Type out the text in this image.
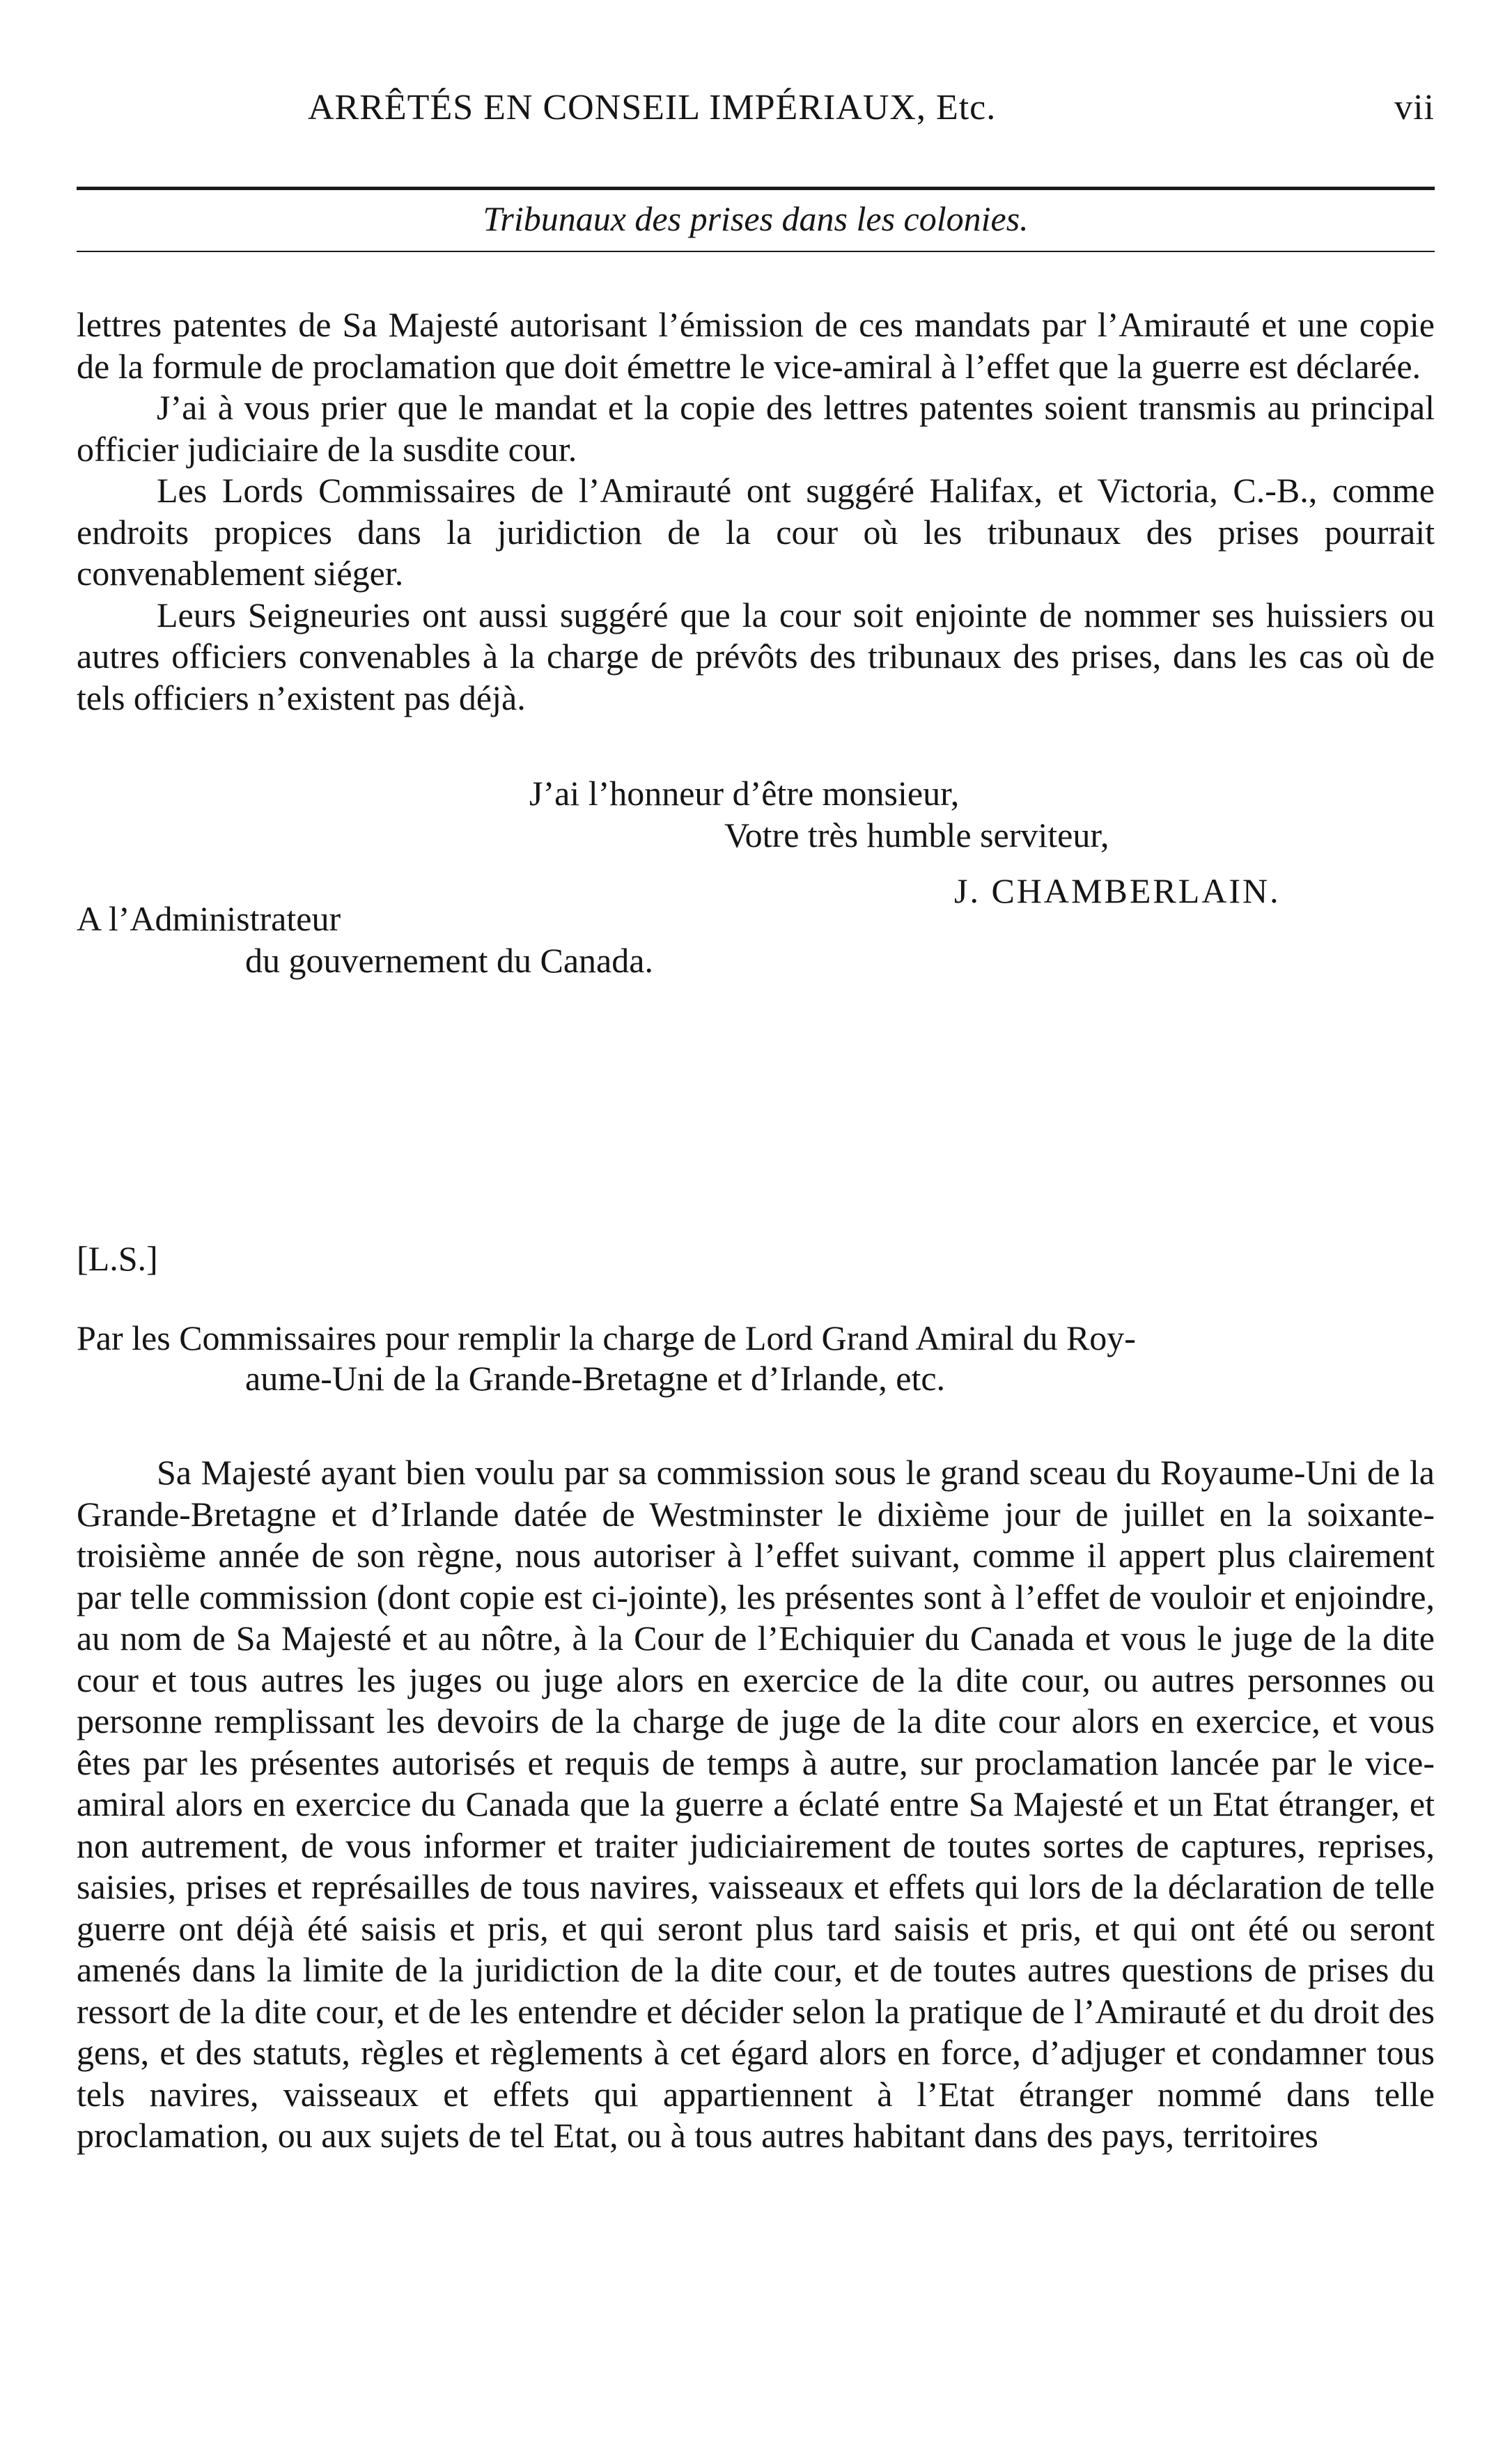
ARRÊTÉS EN CONSEIL IMPÉRIAUX, Etc.	vii
Tribunaux des prises dans les colonies.

lettres patentes de Sa Majesté autorisant l’émission de ces mandats par l’Amirauté et une copie de la formule de proclamation que doit émettre le vice-amiral à l’effet que la guerre est déclarée.

J’ai à vous prier que le mandat et la copie des lettres patentes soient transmis au principal officier judiciaire de la susdite cour.

Les Lords Commissaires de l’Amirauté ont suggéré Halifax, et Victoria, C.-B., comme endroits propices dans la juridiction de la cour où les tribunaux des prises pourrait convenablement siéger.

Leurs Seigneuries ont aussi suggéré que la cour soit enjointe de nommer ses huissiers ou autres officiers convenables à la charge de prévôts des tribunaux des prises, dans les cas où de tels officiers n’existent pas déjà.

J’ai l’honneur d’être monsieur,
Votre très humble serviteur,
J. CHAMBERLAIN.
A l’Administrateur
du gouvernement du Canada.
[L.S.]
Par les Commissaires pour remplir la charge de Lord Grand Amiral du Roy-
aume-Uni de la Grande-Bretagne et d’Irlande, etc.

Sa Majesté ayant bien voulu par sa commission sous le grand sceau du Royaume-Uni de la Grande-Bretagne et d’Irlande datée de Westminster le dixième jour de juillet en la soixante-troisième année de son règne, nous autoriser à l’effet suivant, comme il appert plus clairement par telle commission (dont copie est ci-jointe), les présentes sont à l’effet de vouloir et enjoindre, au nom de Sa Majesté et au nôtre, à la Cour de l’Echiquier du Canada et vous le juge de la dite cour et tous autres les juges ou juge alors en exercice de la dite cour, ou autres personnes ou personne remplissant les devoirs de la charge de juge de la dite cour alors en exercice, et vous êtes par les présentes autorisés et requis de temps à autre, sur proclamation lancée par le vice-amiral alors en exercice du Canada que la guerre a éclaté entre Sa Majesté et un Etat étranger, et non autrement, de vous informer et traiter judiciairement de toutes sortes de captures, reprises, saisies, prises et représailles de tous navires, vaisseaux et effets qui lors de la déclaration de telle guerre ont déjà été saisis et pris, et qui seront plus tard saisis et pris, et qui ont été ou seront amenés dans la limite de la juridiction de la dite cour, et de toutes autres questions de prises du ressort de la dite cour, et de les entendre et décider selon la pratique de l’Amirauté et du droit des gens, et des statuts, règles et règlements à cet égard alors en force, d’adjuger et condamner tous tels navires, vaisseaux et effets qui appartiennent à l’Etat étranger nommé dans telle proclamation, ou aux sujets de tel Etat, ou à tous autres habitant dans des pays, territoires
